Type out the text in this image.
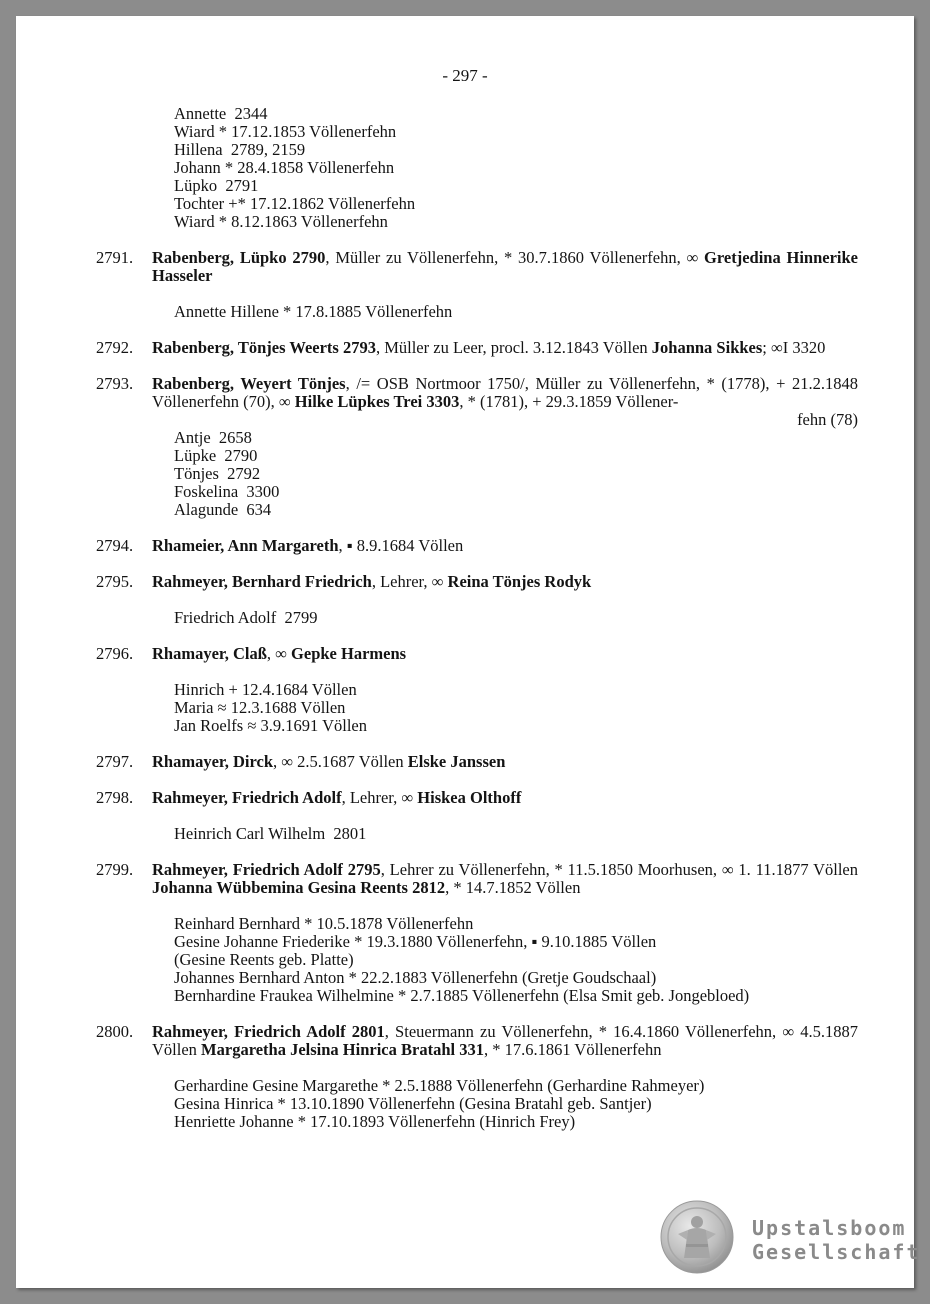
- 297 -
Annette  2344
Wiard * 17.12.1853 Völlenerfehn
Hillena  2789, 2159
Johann * 28.4.1858 Völlenerfehn
Lüpko  2791
Tochter +* 17.12.1862 Völlenerfehn
Wiard * 8.12.1863 Völlenerfehn
2791. Rabenberg, Lüpko 2790, Müller zu Völlenerfehn, * 30.7.1860 Völlenerfehn, ∞ Gretjedina Hinnerike Hasseler
Annette Hillene * 17.8.1885 Völlenerfehn
2792. Rabenberg, Tönjes Weerts 2793, Müller zu Leer, procl. 3.12.1843 Völlen Johanna Sikkes; ∞I 3320
2793. Rabenberg, Weyert Tönjes, /= OSB Nortmoor 1750/, Müller zu Völlenerfehn, * (1778), + 21.2.1848 Völlenerfehn (70), ∞ Hilke Lüpkes Trei 3303, * (1781), + 29.3.1859 Völlener-
fehn (78)
Antje  2658
Lüpke  2790
Tönjes  2792
Foskelina  3300
Alagunde  634
2794. Rhameier, Ann Margareth, ▪ 8.9.1684 Völlen
2795. Rahmeyer, Bernhard Friedrich, Lehrer, ∞ Reina Tönjes Rodyk
Friedrich Adolf  2799
2796. Rhamayer, Claß, ∞ Gepke Harmens
Hinrich + 12.4.1684 Völlen
Maria ≈ 12.3.1688 Völlen
Jan Roelfs ≈ 3.9.1691 Völlen
2797. Rhamayer, Dirck, ∞ 2.5.1687 Völlen Elske Janssen
2798. Rahmeyer, Friedrich Adolf, Lehrer, ∞ Hiskea Olthoff
Heinrich Carl Wilhelm  2801
2799. Rahmeyer, Friedrich Adolf 2795, Lehrer zu Völlenerfehn, * 11.5.1850 Moorhusen, ∞ 1. 11.1877 Völlen Johanna Wübbemina Gesina Reents 2812, * 14.7.1852 Völlen
Reinhard Bernhard * 10.5.1878 Völlenerfehn
Gesine Johanne Friederike * 19.3.1880 Völlenerfehn, ▪ 9.10.1885 Völlen
(Gesine Reents geb. Platte)
Johannes Bernhard Anton * 22.2.1883 Völlenerfehn (Gretje Goudschaal)
Bernhardine Fraukea Wilhelmine * 2.7.1885 Völlenerfehn (Elsa Smit geb. Jongebloed)
2800. Rahmeyer, Friedrich Adolf 2801, Steuermann zu Völlenerfehn, * 16.4.1860 Völlenerfehn, ∞ 4.5.1887 Völlen Margaretha Jelsina Hinrica Bratahl 331, * 17.6.1861 Völlenerfehn
Gerhardine Gesine Margarethe * 2.5.1888 Völlenerfehn (Gerhardine Rahmeyer)
Gesina Hinrica * 13.10.1890 Völlenerfehn (Gesina Bratahl geb. Santjer)
Henriette Johanne * 17.10.1893 Völlenerfehn (Hinrich Frey)
Upstalsboom
Gesellschaft
